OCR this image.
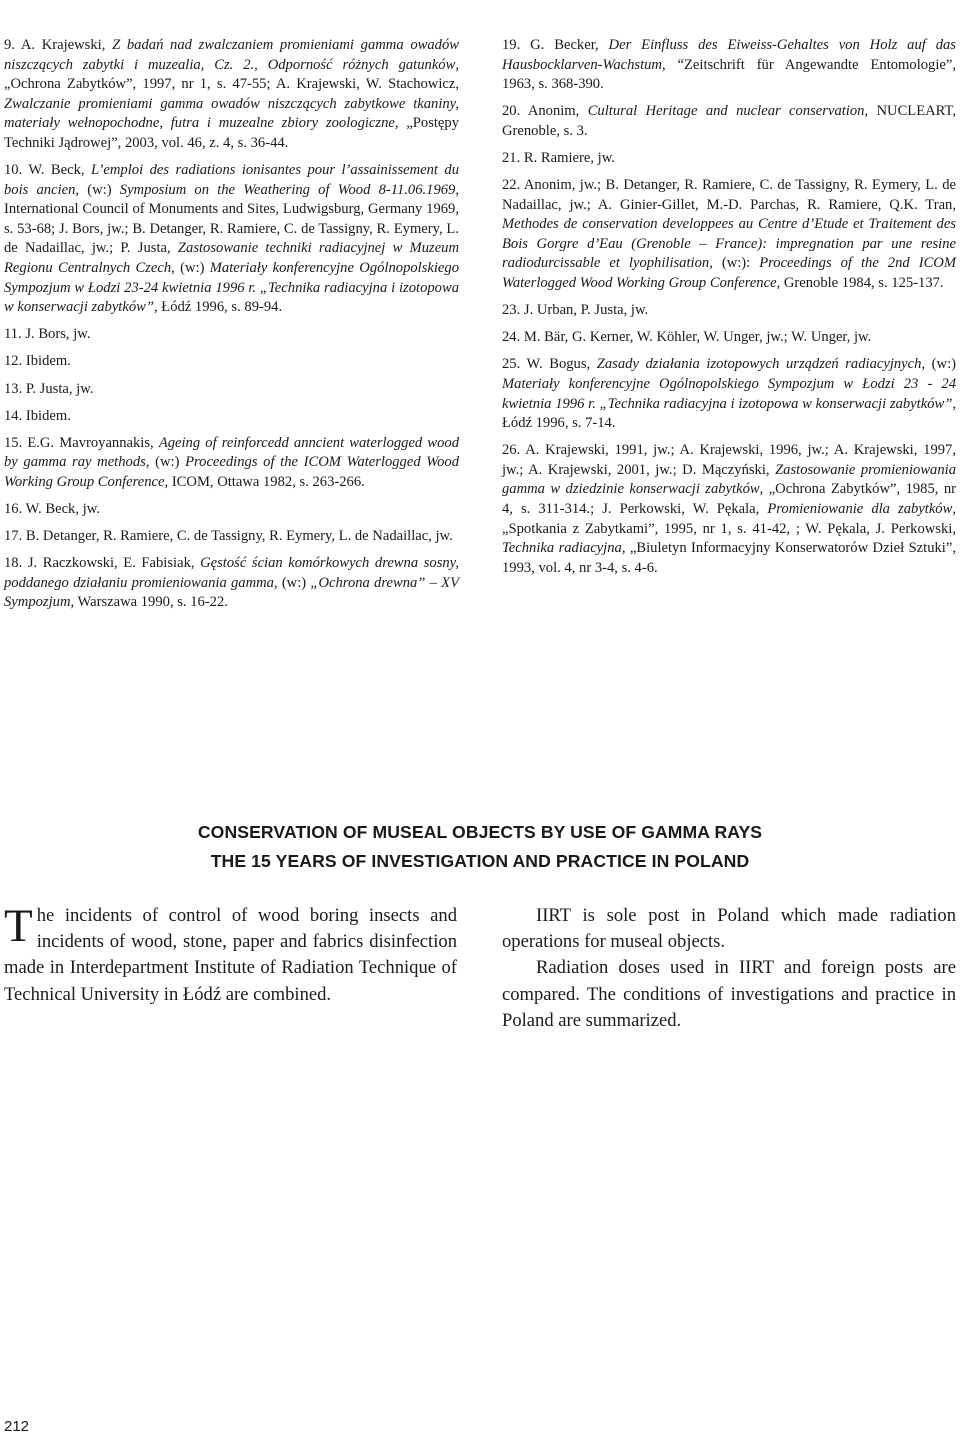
9. A. Krajewski, Z badań nad zwalczaniem promieniami gamma owadów niszczących zabytki i muzealia, Cz. 2., Odporność różnych gatunków, „Ochrona Zabytków”, 1997, nr 1, s. 47-55; A. Krajewski, W. Stachowicz, Zwalczanie promieniami gamma owadów niszczących zabytkowe tkaniny, materiały wełnopochodne, futra i muzealne zbiory zoologiczne, „Postępy Techniki Jądrowej”, 2003, vol. 46, z. 4, s. 36-44.

10. W. Beck, L’emploi des radiations ionisantes pour l’assainissement du bois ancien, (w:) Symposium on the Weathering of Wood 8-11.06.1969, International Council of Monuments and Sites, Ludwigsburg, Germany 1969, s. 53-68; J. Bors, jw.; B. Detanger, R. Ramiere, C. de Tassigny, R. Eymery, L. de Nadaillac, jw.; P. Justa, Zastosowanie techniki radiacyjnej w Muzeum Regionu Centralnych Czech, (w:) Materiały konferencyjne Ogólnopolskiego Sympozjum w Łodzi 23-24 kwietnia 1996 r. „Technika radiacyjna i izotopowa w konserwacji zabytków”, Łódź 1996, s. 89-94.

11. J. Bors, jw.

12. Ibidem.

13. P. Justa, jw.

14. Ibidem.

15. E.G. Mavroyannakis, Ageing of reinforcedd anncient waterlogged wood by gamma ray methods, (w:) Proceedings of the ICOM Waterlogged Wood Working Group Conference, ICOM, Ottawa 1982, s. 263-266.

16. W. Beck, jw.

17. B. Detanger, R. Ramiere, C. de Tassigny, R. Eymery, L. de Nadaillac, jw.

18. J. Raczkowski, E. Fabisiak, Gęstość ścian komórkowych drewna sosny, poddanego działaniu promieniowania gamma, (w:) „Ochrona drewna” – XV Sympozjum, Warszawa 1990, s. 16-22.

19. G. Becker, Der Einfluss des Eiweiss-Gehaltes von Holz auf das Hausbocklarven-Wachstum, “Zeitschrift für Angewandte Entomologie”, 1963, s. 368-390.

20. Anonim, Cultural Heritage and nuclear conservation, NUCLEART, Grenoble, s. 3.

21. R. Ramiere, jw.

22. Anonim, jw.; B. Detanger, R. Ramiere, C. de Tassigny, R. Eymery, L. de Nadaillac, jw.; A. Ginier-Gillet, M.-D. Parchas, R. Ramiere, Q.K. Tran, Methodes de conservation developpees au Centre d’Etude et Traitement des Bois Gorgre d’Eau (Grenoble – France): impregnation par une resine radiodurcissable et lyophilisation, (w:): Proceedings of the 2nd ICOM Waterlogged Wood Working Group Conference, Grenoble 1984, s. 125-137.

23. J. Urban, P. Justa, jw.

24. M. Bär, G. Kerner, W. Köhler, W. Unger, jw.; W. Unger, jw.

25. W. Bogus, Zasady działania izotopowych urządzeń radiacyjnych, (w:) Materiały konferencyjne Ogólnopolskiego Sympozjum w Łodzi 23 - 24 kwietnia 1996 r. „Technika radiacyjna i izotopowa w konserwacji zabytków”, Łódź 1996, s. 7-14.

26. A. Krajewski, 1991, jw.; A. Krajewski, 1996, jw.; A. Krajewski, 1997, jw.; A. Krajewski, 2001, jw.; D. Mączyński, Zastosowanie promieniowania gamma w dziedzinie konserwacji zabytków, „Ochrona Zabytków”, 1985, nr 4, s. 311-314.; J. Perkowski, W. Pękala, Promieniowanie dla zabytków, „Spotkania z Zabytkami”, 1995, nr 1, s. 41-42, ; W. Pękala, J. Perkowski, Technika radiacyjna, „Biuletyn Informacyjny Konserwatorów Dzieł Sztuki”, 1993, vol. 4, nr 3-4, s. 4-6.

CONSERVATION OF MUSEAL OBJECTS BY USE OF GAMMA RAYS
THE 15 YEARS OF INVESTIGATION AND PRACTICE IN POLAND

The incidents of control of wood boring insects and incidents of wood, stone, paper and fabrics disinfection made in Interdepartment Institute of Radiation Technique of Technical University in Łódź are combined.

IIRT is sole post in Poland which made radiation operations for museal objects.

Radiation doses used in IIRT and foreign posts are compared. The conditions of investigations and practice in Poland are summarized.

212
